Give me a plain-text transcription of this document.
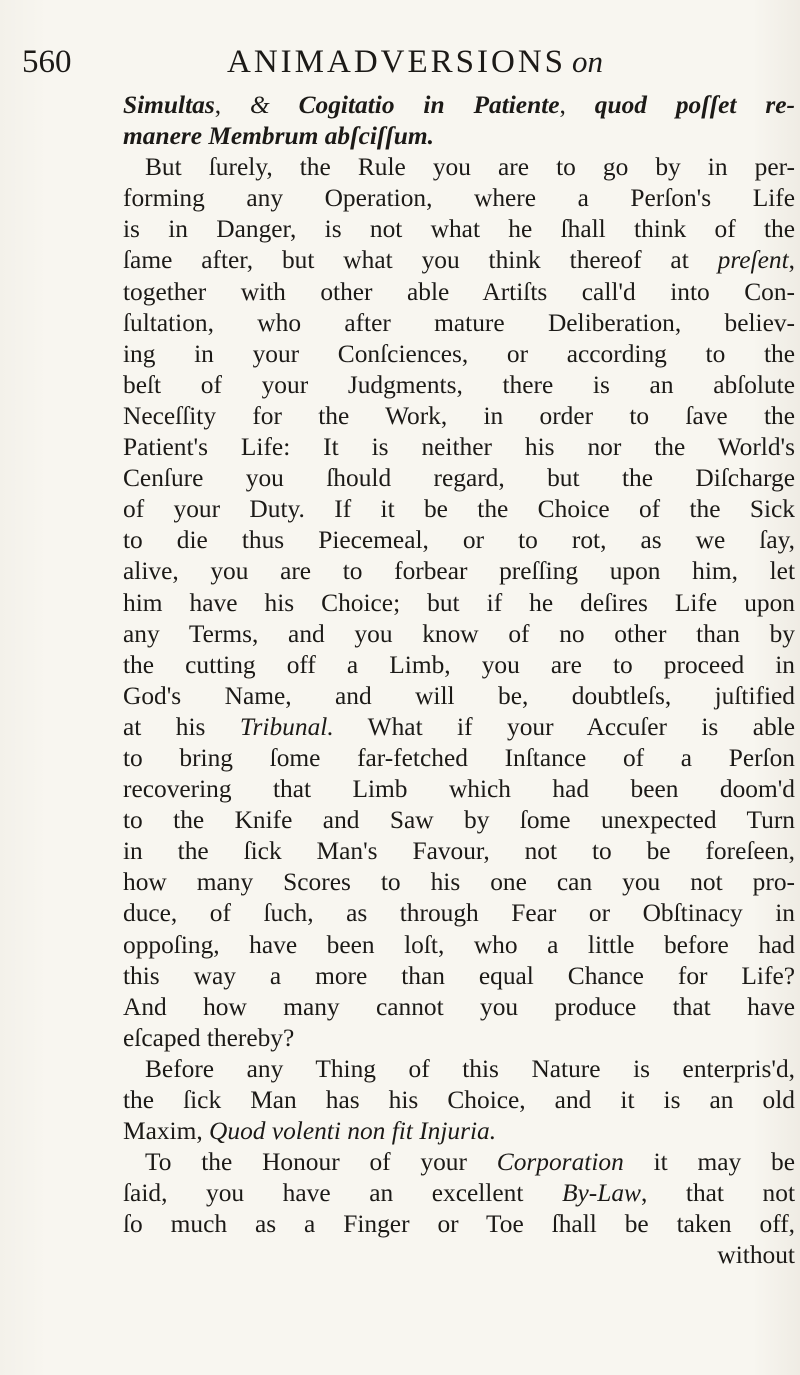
560	ANIMADVERSIONS on
Simultas, & Cogitatio in Patiente, quod poſſet re-
manere Membrum abſciſſum.
But ſurely, the Rule you are to go by in per-
forming any Operation, where a Perſon's Life
is in Danger, is not what he ſhall think of the
ſame after, but what you think thereof at preſent,
together with other able Artiſts call'd into Con-
ſultation, who after mature Deliberation, believ-
ing in your Conſciences, or according to the
beſt of your Judgments, there is an abſolute
Neceſſity for the Work, in order to ſave the
Patient's Life: It is neither his nor the World's
Cenſure you ſhould regard, but the Diſcharge
of your Duty. If it be the Choice of the Sick
to die thus Piecemeal, or to rot, as we ſay,
alive, you are to forbear preſſing upon him, let
him have his Choice; but if he deſires Life upon
any Terms, and you know of no other than by
the cutting off a Limb, you are to proceed in
God's Name, and will be, doubtleſs, juſtified
at his Tribunal. What if your Accuſer is able
to bring ſome far-fetched Inſtance of a Perſon
recovering that Limb which had been doom'd
to the Knife and Saw by ſome unexpected Turn
in the ſick Man's Favour, not to be foreſeen,
how many Scores to his one can you not pro-
duce, of ſuch, as through Fear or Obſtinacy in
oppoſing, have been loſt, who a little before had
this way a more than equal Chance for Life?
And how many cannot you produce that have
eſcaped thereby?
Before any Thing of this Nature is enterpris'd,
the ſick Man has his Choice, and it is an old
Maxim, Quod volenti non fit Injuria.
To the Honour of your Corporation it may be
ſaid, you have an excellent By-Law, that not
ſo much as a Finger or Toe ſhall be taken off,
without
